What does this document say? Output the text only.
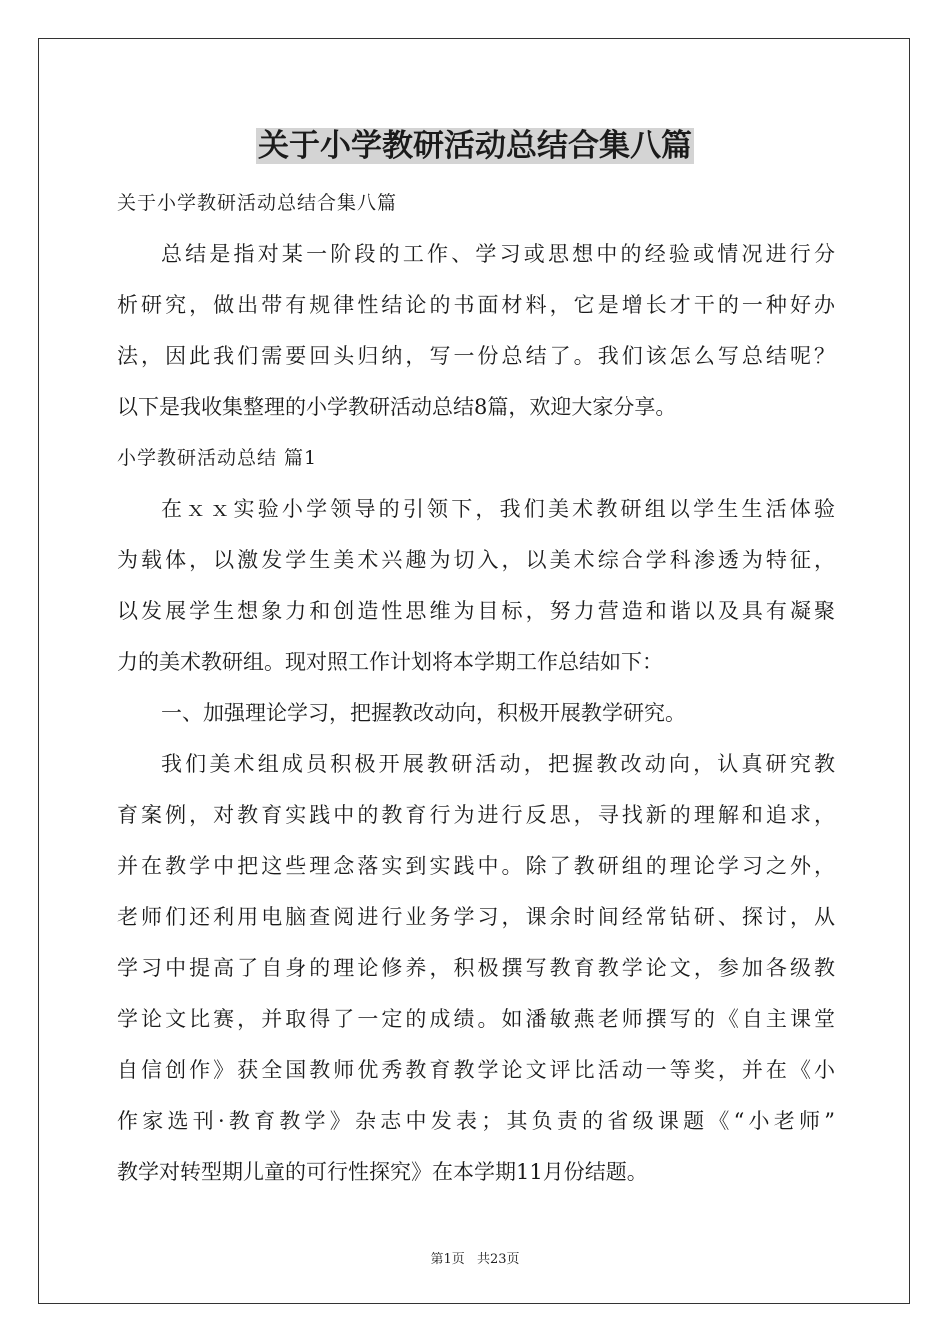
关于小学教研活动总结合集八篇

关于小学教研活动总结合集八篇

总结是指对某一阶段的工作、学习或思想中的经验或情况进行分

析研究，做出带有规律性结论的书面材料，它是增长才干的一种好办

法，因此我们需要回头归纳，写一份总结了。我们该怎么写总结呢？

以下是我收集整理的小学教研活动总结8篇，欢迎大家分享。

小学教研活动总结 篇1

在ｘｘ实验小学领导的引领下，我们美术教研组以学生生活体验

为载体，以激发学生美术兴趣为切入，以美术综合学科渗透为特征，

以发展学生想象力和创造性思维为目标，努力营造和谐以及具有凝聚

力的美术教研组。现对照工作计划将本学期工作总结如下：

一、加强理论学习，把握教改动向，积极开展教学研究。

我们美术组成员积极开展教研活动，把握教改动向，认真研究教

育案例，对教育实践中的教育行为进行反思，寻找新的理解和追求，

并在教学中把这些理念落实到实践中。除了教研组的理论学习之外，

老师们还利用电脑查阅进行业务学习，课余时间经常钻研、探讨，从

学习中提高了自身的理论修养，积极撰写教育教学论文，参加各级教

学论文比赛，并取得了一定的成绩。如潘敏燕老师撰写的《自主课堂

自信创作》获全国教师优秀教育教学论文评比活动一等奖，并在《小

作家选刊·教育教学》杂志中发表；其负责的省级课题《“小老师”

教学对转型期儿童的可行性探究》在本学期11月份结题。

第1页 共23页
